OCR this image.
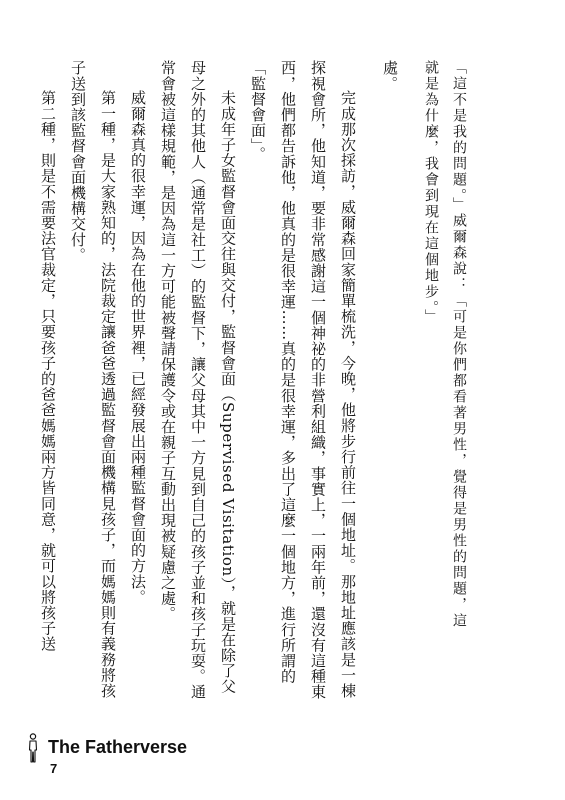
「這不是我的問題。」威爾森說：「可是你們都看著男性，覺得是男性的問題，這

就是為什麼，我會到現在這個地步。」

處。

完成那次採訪，威爾森回家簡單梳洗，今晚，他將步行前往一個地址。那地址應該是一棟探視會所，他知道，要非常感謝這一個神祕的非營利組織，事實上，一兩年前，還沒有這種東西，他們都告訴他，他真的是很幸運……真的是很幸運，多出了這麼一個地方，進行所謂的「監督會面」。

未成年子女監督會面交往與交付，監督會面（Supervised Visitation），就是在除了父母之外的其他人（通常是社工）的監督下，讓父母其中一方見到自己的孩子並和孩子玩耍。通常會被這樣規範，是因為這一方可能被聲請保護令或在親子互動出現被疑慮之處。

威爾森真的很幸運，因為在他的世界裡，已經發展出兩種監督會面的方法。

第一種，是大家熟知的，法院裁定讓爸爸透過監督會面機構見孩子，而媽媽則有義務將孩子送到該監督會面機構交付。

第二種，則是不需要法官裁定，只要孩子的爸爸媽媽兩方皆同意，就可以將孩子送

The Fatherverse
7
